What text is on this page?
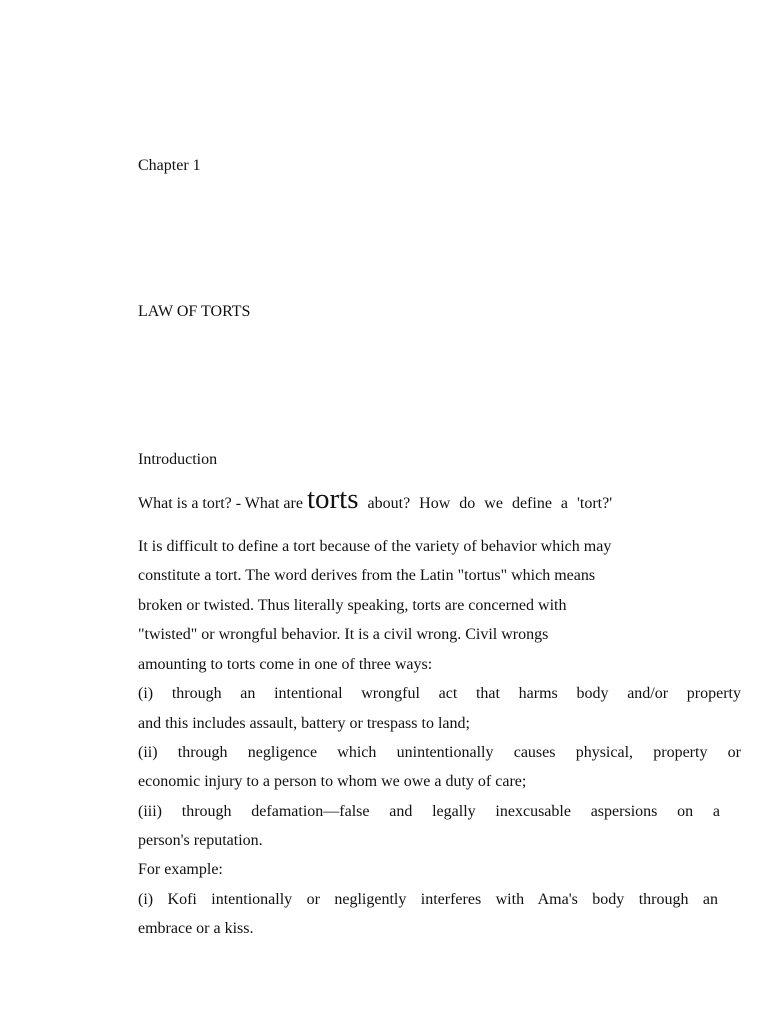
Chapter 1
LAW OF TORTS
Introduction
What is a tort? - What are torts about? How do we define a 'tort?'
It is difficult to define a tort because of the variety of behavior which may
constitute a tort. The word derives from the Latin "tortus" which means
broken or twisted. Thus literally speaking, torts are concerned with
"twisted" or wrongful behavior. It is a civil wrong. Civil wrongs
amounting to torts come in one of three ways:
(i) through an intentional wrongful act that harms body and/or property
and this includes assault, battery or trespass to land;
(ii) through negligence which unintentionally causes physical, property or
economic injury to a person to whom we owe a duty of care;
(iii) through defamation—false and legally inexcusable aspersions on a
person's reputation.
For example:
(i) Kofi intentionally or negligently interferes with Ama's body through an
embrace or a kiss.
